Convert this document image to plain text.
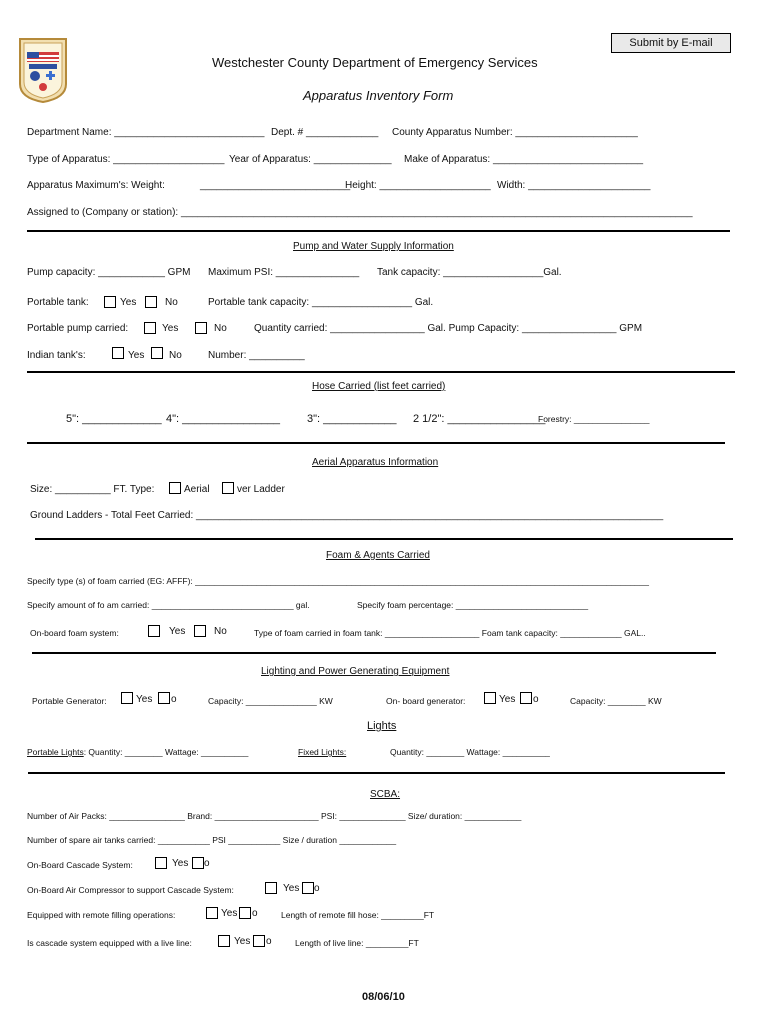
Submit by E-mail
Westchester County Department of Emergency Services
Apparatus Inventory Form
Department Name: ___________________________ Dept. # _____________ County Apparatus Number: ______________________
Type of Apparatus: ____________________ Year of Apparatus: ______________ Make of Apparatus: ___________________________
Apparatus Maximum's: Weight:	___________________________
Height: ____________________ Width: ______________________
Assigned to (Company or station): ____________________________________________________________________________________________
Pump and Water Supply Information
Pump capacity: ____________ GPM Maximum PSI: _______________ Tank capacity: __________________Gal.
Portable tank:	Yes	No	Portable tank capacity: __________________ Gal.
Portable pump carried:	Yes	No	Quantity carried: _________________ Gal. Pump Capacity: _________________ GPM
Indian tank's:	Yes No	Number: __________
Hose Carried (list feet carried)
5": _____________ 4": ________________ 3": ____________ 2 1/2": ________________
Forestry: ________________
Aerial Apparatus Information
Size: __________ FT. Type:	Aerial	ver Ladder
Ground Ladders - Total Feet Carried: ____________________________________________________________________________________
Foam & Agents Carried
Specify type (s) of foam carried (EG: AFFF): ________________________________________________________________________________________________
Specify amount of fo am carried: ______________________________ gal.	Specify foam percentage: ____________________________
On-board foam system:	Yes	No	Type of foam carried in foam tank: ____________________ Foam tank capacity: _____________ GAL..
Lighting and Power Generating Equipment
Portable Generator:	Yes o	Capacity: _______________ KW	On- board generator:	Yes o	Capacity: ________ KW
Lights
Portable Lights: Quantity: ________ Wattage: __________	Fixed Lights:	Quantity: ________ Wattage: __________
SCBA:
Number of Air Packs: ________________ Brand: ______________________ PSI: ______________ Size/ duration: ____________
Number of spare air tanks carried: ___________ PSI ___________ Size / duration ____________
On-Board Cascade System:	Yes o
On-Board Air Compressor to support Cascade System:	Yes o
Equipped with remote filling operations:	Yes o	Length of remote fill hose: _________FT
Is cascade system equipped with a live line:	Yes o	Length of live line: _________FT
08/06/10
